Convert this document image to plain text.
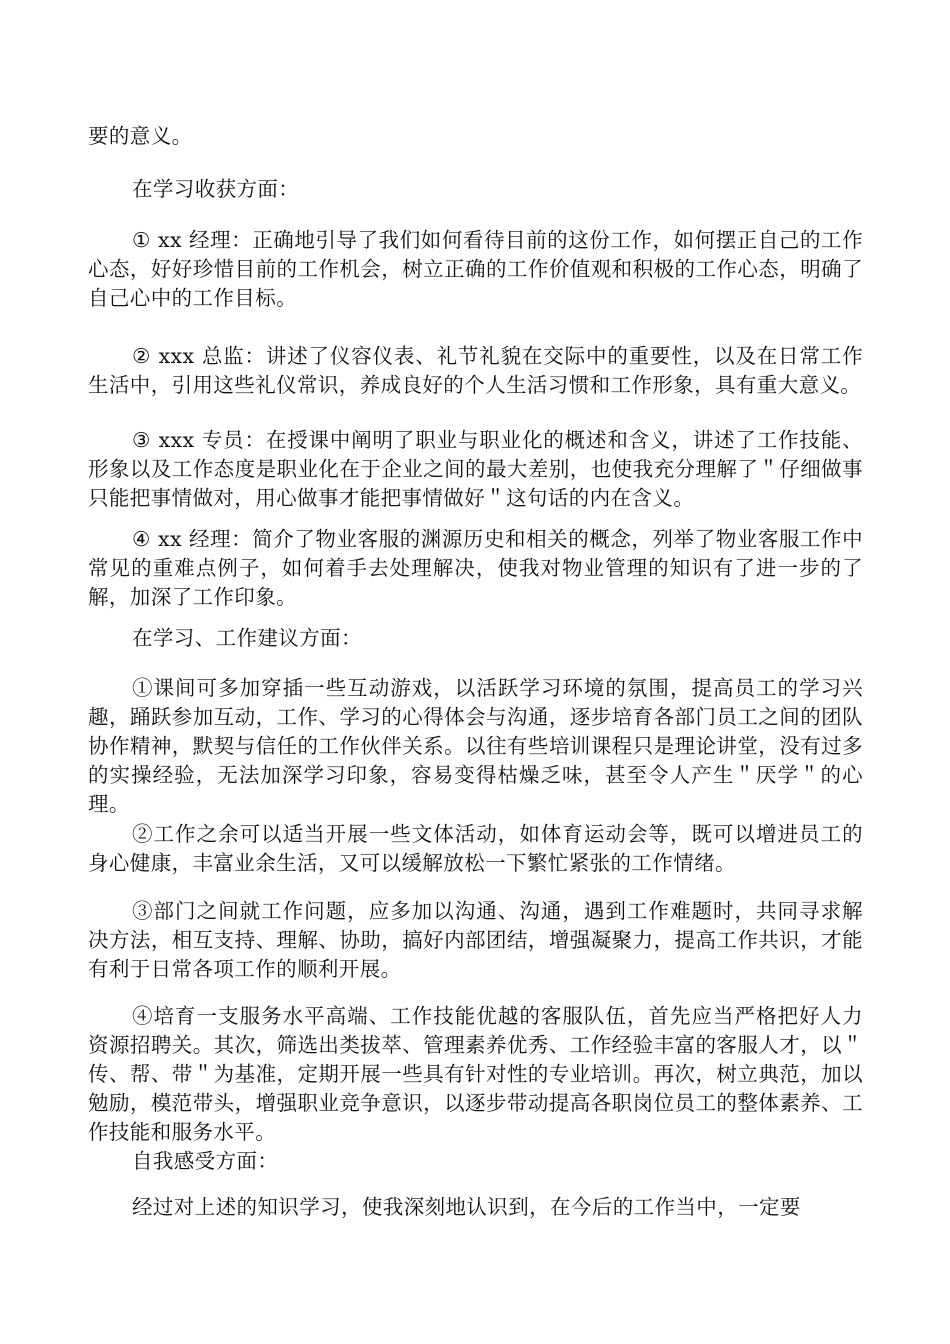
要的意义。

在学习收获方面：

① xx 经理：正确地引导了我们如何看待目前的这份工作，如何摆正自己的工作心态，好好珍惜目前的工作机会，树立正确的工作价值观和积极的工作心态，明确了自己心中的工作目标。

② xxx 总监：讲述了仪容仪表、礼节礼貌在交际中的重要性，以及在日常工作生活中，引用这些礼仪常识，养成良好的个人生活习惯和工作形象，具有重大意义。

③ xxx 专员：在授课中阐明了职业与职业化的概述和含义，讲述了工作技能、形象以及工作态度是职业化在于企业之间的最大差别，也使我充分理解了＂仔细做事只能把事情做对，用心做事才能把事情做好＂这句话的内在含义。

④ xx 经理：简介了物业客服的渊源历史和相关的概念，列举了物业客服工作中常见的重难点例子，如何着手去处理解决，使我对物业管理的知识有了进一步的了解，加深了工作印象。

在学习、工作建议方面：

①课间可多加穿插一些互动游戏，以活跃学习环境的氛围，提高员工的学习兴趣，踊跃参加互动，工作、学习的心得体会与沟通，逐步培育各部门员工之间的团队协作精神，默契与信任的工作伙伴关系。以往有些培训课程只是理论讲堂，没有过多的实操经验，无法加深学习印象，容易变得枯燥乏味，甚至令人产生＂厌学＂的心理。

②工作之余可以适当开展一些文体活动，如体育运动会等，既可以增进员工的身心健康，丰富业余生活，又可以缓解放松一下繁忙紧张的工作情绪。

③部门之间就工作问题，应多加以沟通、沟通，遇到工作难题时，共同寻求解决方法，相互支持、理解、协助，搞好内部团结，增强凝聚力，提高工作共识，才能有利于日常各项工作的顺利开展。

④培育一支服务水平高端、工作技能优越的客服队伍，首先应当严格把好人力资源招聘关。其次，筛选出类拔萃、管理素养优秀、工作经验丰富的客服人才，以＂ 传、帮、带＂为基准，定期开展一些具有针对性的专业培训。再次，树立典范，加以勉励，模范带头，增强职业竞争意识，以逐步带动提高各职岗位员工的整体素养、工作技能和服务水平。

自我感受方面：

经过对上述的知识学习，使我深刻地认识到，在今后的工作当中，一定要
